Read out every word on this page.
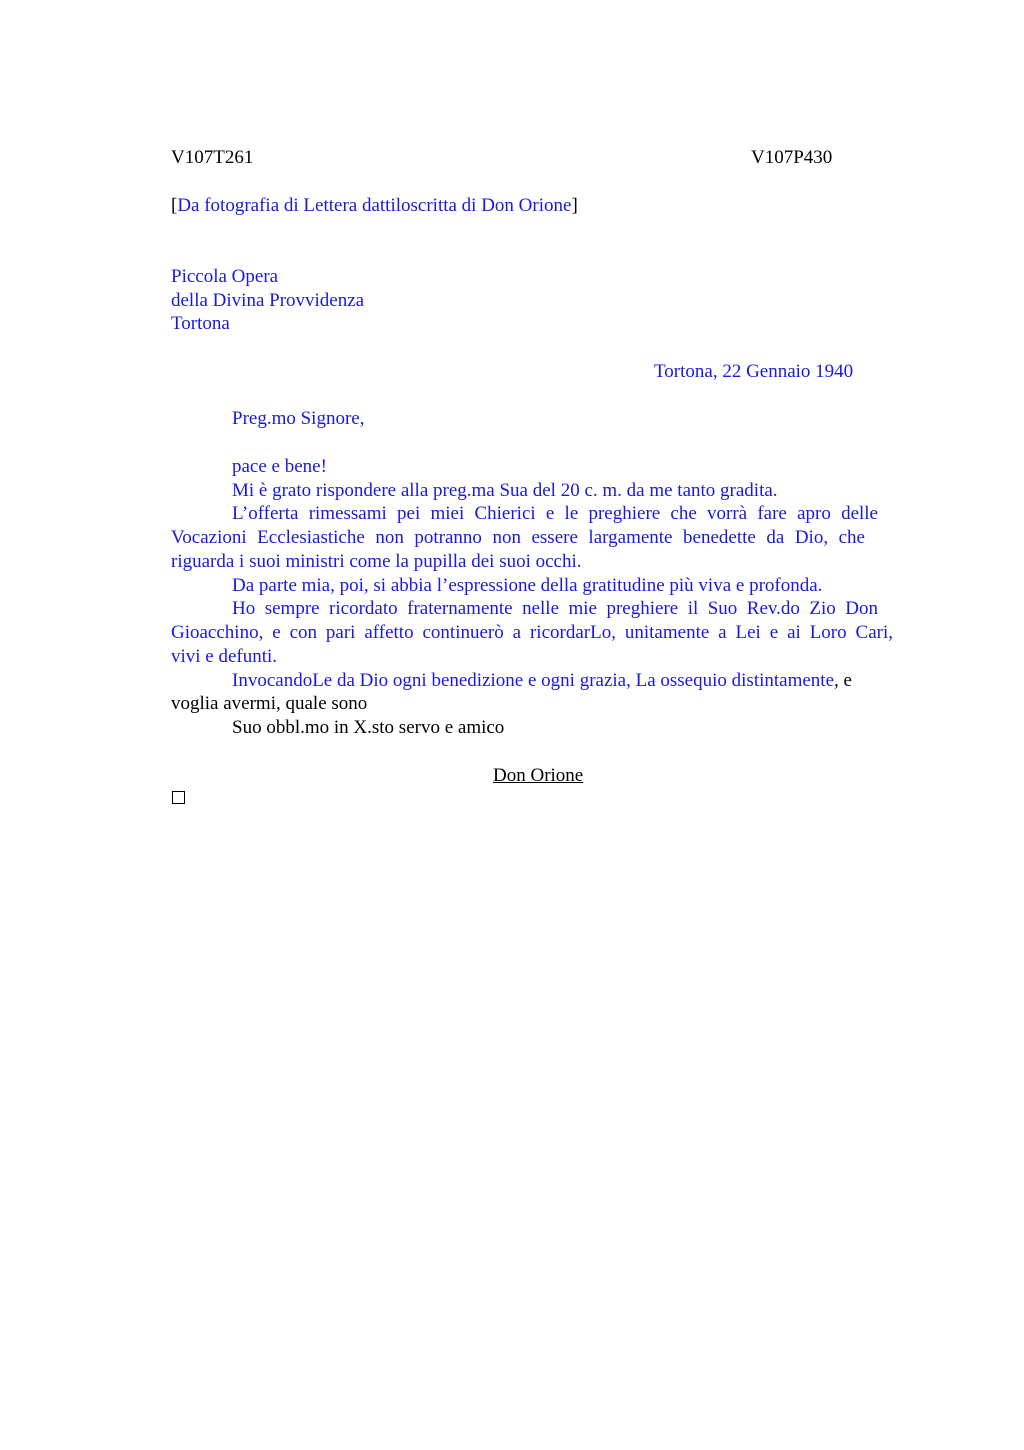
V107T261	V107P430
[Da fotografia di Lettera dattiloscritta di Don Orione]
Piccola Opera
della Divina Provvidenza
Tortona
Tortona, 22 Gennaio 1940
Preg.mo Signore,
pace e bene!
Mi è grato rispondere alla preg.ma Sua del 20 c. m. da me tanto gradita.
L’offerta rimessami pei miei Chierici e le preghiere che vorrà fare apro delle
Vocazioni Ecclesiastiche non potranno non essere largamente benedette da Dio, che
riguarda i suoi ministri come la pupilla dei suoi occhi.
Da parte mia, poi, si abbia l’espressione della gratitudine più viva e profonda.
Ho sempre ricordato fraternamente nelle mie preghiere il Suo Rev.do Zio Don
Gioacchino, e con pari affetto continuerò a ricordarLo, unitamente a Lei e ai Loro Cari,
vivi e defunti.
InvocandoLe da Dio ogni benedizione e ogni grazia, La ossequio distintamente, e
voglia avermi, quale sono
Suo obbl.mo in X.sto servo e amico
Don Orione
